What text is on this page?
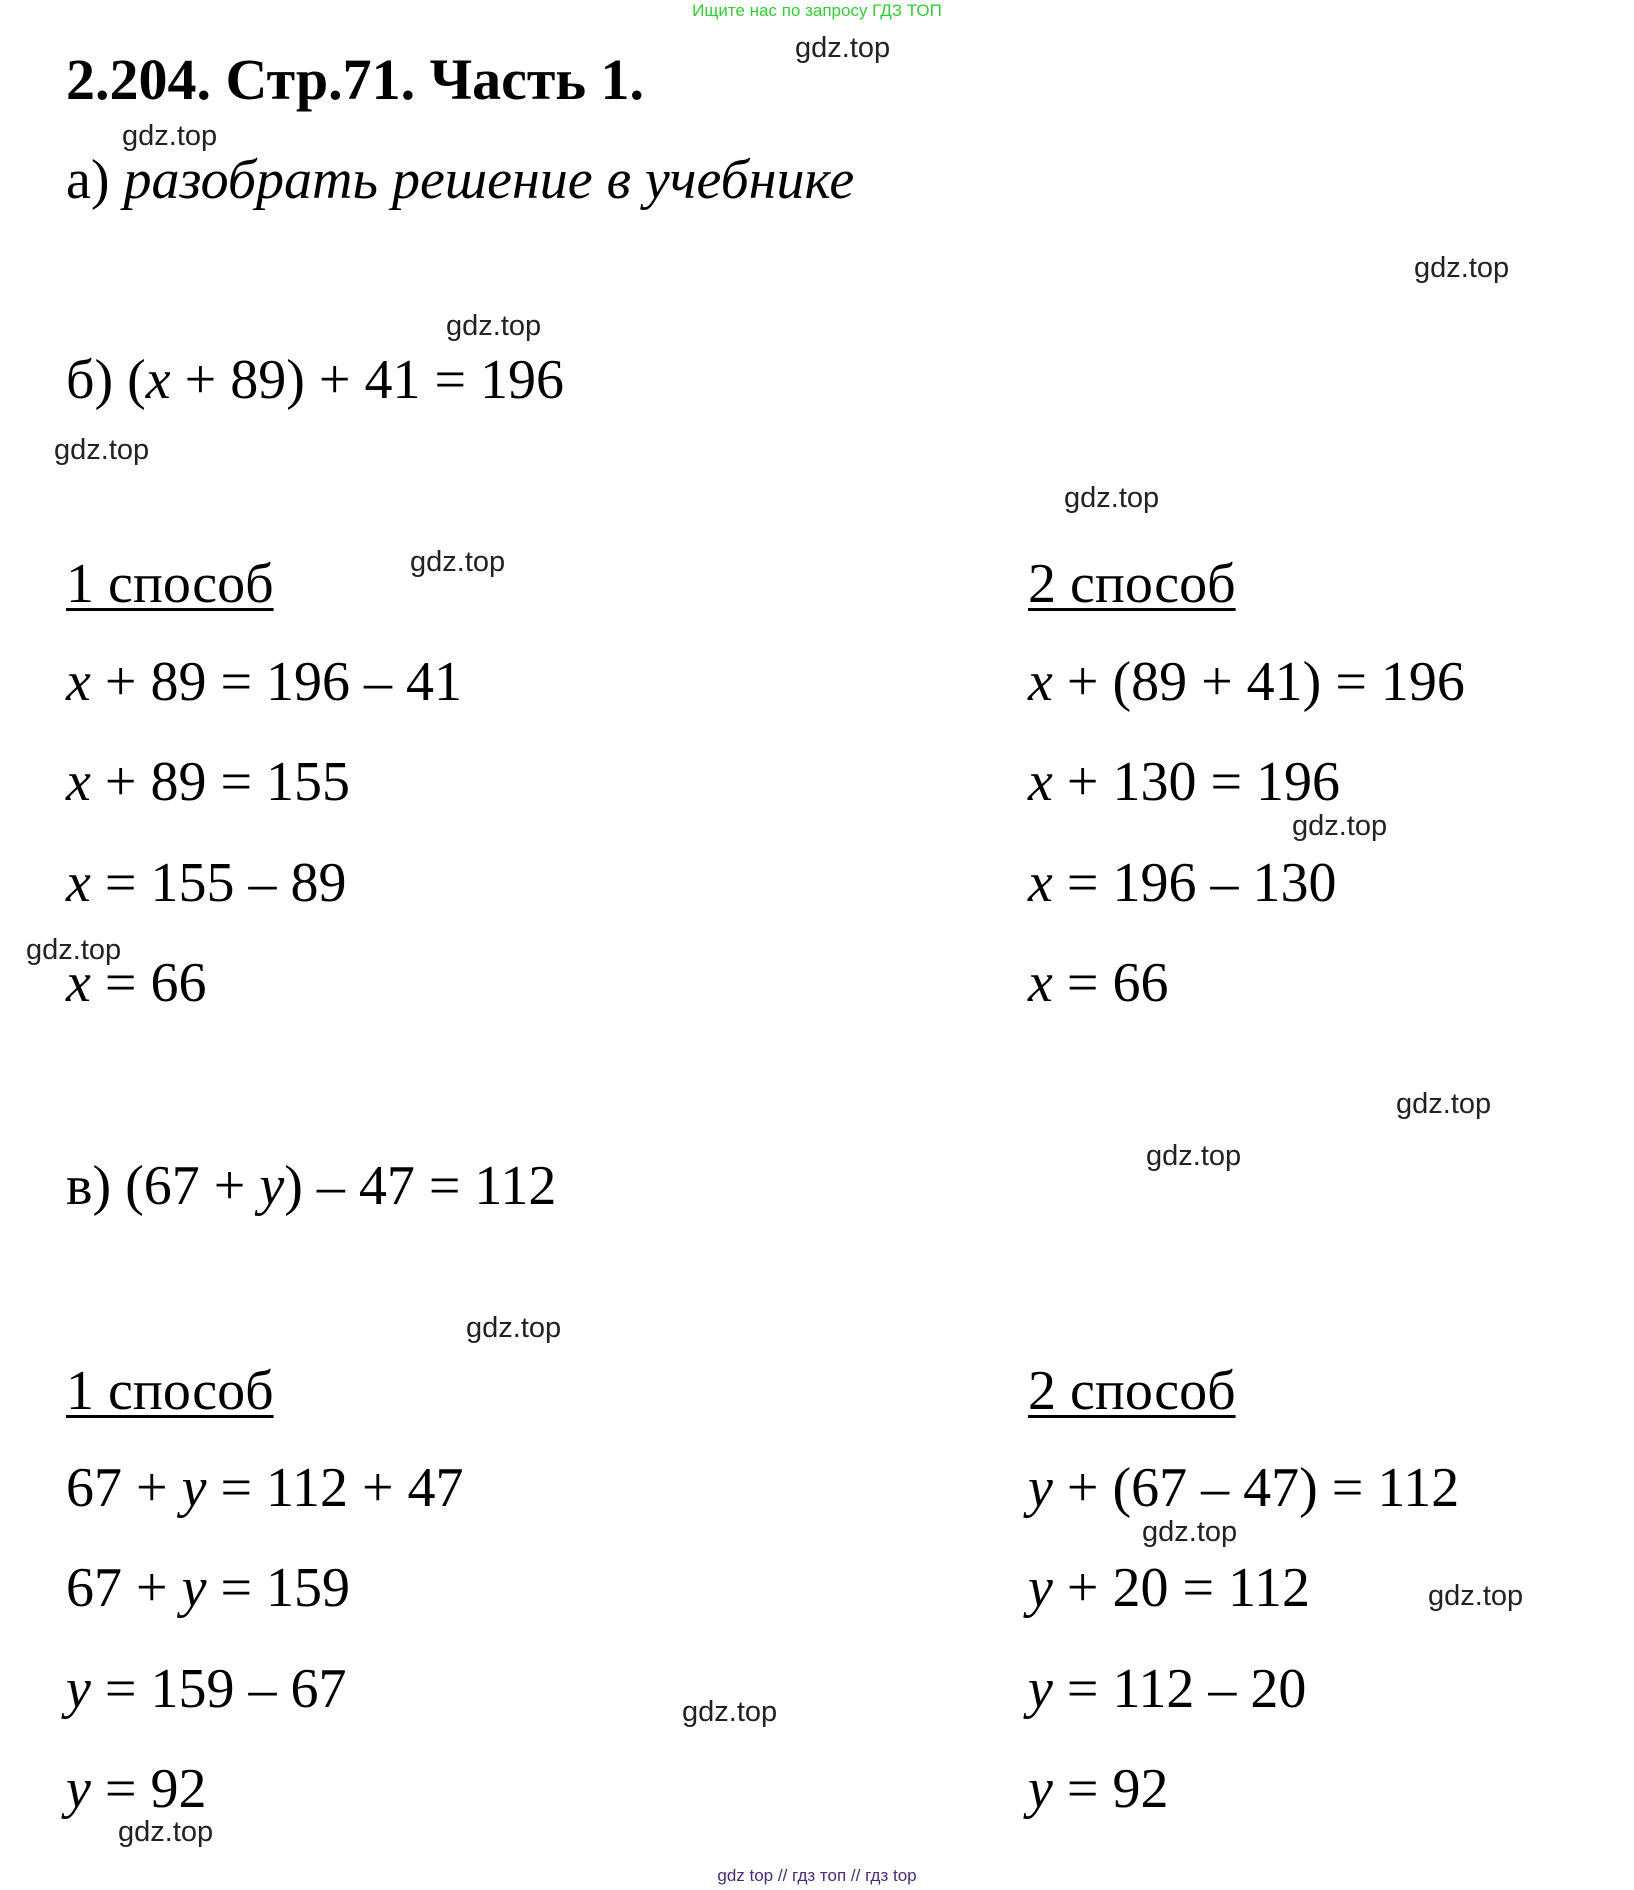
Ищите нас по запросу ГДЗ ТОП
2.204. Стр.71. Часть 1.
а) разобрать решение в учебнике
б) (x + 89) + 41 = 196
1 способ
x + 89 = 196 – 41
x + 89 = 155
x = 155 – 89
x = 66
2 способ
x + (89 + 41) = 196
x + 130 = 196
x = 196 – 130
x = 66
в) (67 + y) – 47 = 112
1 способ
67 + y = 112 + 47
67 + y = 159
y = 159 – 67
y = 92
2 способ
y + (67 – 47) = 112
y + 20 = 112
y = 112 – 20
y = 92
gdz.top
gdz.top
gdz.top
gdz.top
gdz.top
gdz.top
gdz.top
gdz.top
gdz.top
gdz.top
gdz.top
gdz.top
gdz.top
gdz.top
gdz.top
gdz.top
gdz top // гдз топ // гдз top
